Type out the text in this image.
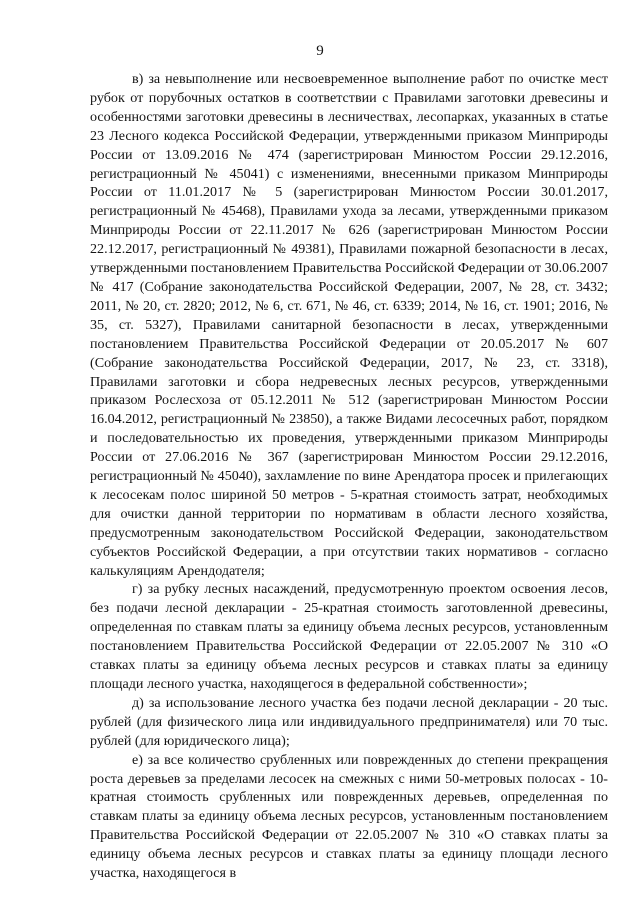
9

в) за невыполнение или несвоевременное выполнение работ по очистке мест рубок от порубочных остатков в соответствии с Правилами заготовки древесины и особенностями заготовки древесины в лесничествах, лесопарках, указанных в статье 23 Лесного кодекса Российской Федерации, утвержденными приказом Минприроды России от 13.09.2016 № 474 (зарегистрирован Минюстом России 29.12.2016, регистрационный № 45041) с изменениями, внесенными приказом Минприроды России от 11.01.2017 № 5 (зарегистрирован Минюстом России 30.01.2017, регистрационный № 45468), Правилами ухода за лесами, утвержденными приказом Минприроды России от 22.11.2017 № 626 (зарегистрирован Минюстом России 22.12.2017, регистрационный № 49381), Правилами пожарной безопасности в лесах, утвержденными постановлением Правительства Российской Федерации от 30.06.2007 № 417 (Собрание законодательства Российской Федерации, 2007, № 28, ст. 3432; 2011, № 20, ст. 2820; 2012, № 6, ст. 671, № 46, ст. 6339; 2014, № 16, ст. 1901; 2016, № 35, ст. 5327), Правилами санитарной безопасности в лесах, утвержденными постановлением Правительства Российской Федерации от 20.05.2017 № 607 (Собрание законодательства Российской Федерации, 2017, № 23, ст. 3318), Правилами заготовки и сбора недревесных лесных ресурсов, утвержденными приказом Рослесхоза от 05.12.2011 № 512 (зарегистрирован Минюстом России 16.04.2012, регистрационный № 23850), а также Видами лесосечных работ, порядком и последовательностью их проведения, утвержденными приказом Минприроды России от 27.06.2016 № 367 (зарегистрирован Минюстом России 29.12.2016, регистрационный № 45040), захламление по вине Арендатора просек и прилегающих к лесосекам полос шириной 50 метров - 5-кратная стоимость затрат, необходимых для очистки данной территории по нормативам в области лесного хозяйства, предусмотренным законодательством Российской Федерации, законодательством субъектов Российской Федерации, а при отсутствии таких нормативов - согласно калькуляциям Арендодателя;

г) за рубку лесных насаждений, предусмотренную проектом освоения лесов, без подачи лесной декларации - 25-кратная стоимость заготовленной древесины, определенная по ставкам платы за единицу объема лесных ресурсов, установленным постановлением Правительства Российской Федерации от 22.05.2007 № 310 «О ставках платы за единицу объема лесных ресурсов и ставках платы за единицу площади лесного участка, находящегося в федеральной собственности»;

д) за использование лесного участка без подачи лесной декларации - 20 тыс. рублей (для физического лица или индивидуального предпринимателя) или 70 тыс. рублей (для юридического лица);

е) за все количество срубленных или поврежденных до степени прекращения роста деревьев за пределами лесосек на смежных с ними 50-метровых полосах - 10-кратная стоимость срубленных или поврежденных деревьев, определенная по ставкам платы за единицу объема лесных ресурсов, установленным постановлением Правительства Российской Федерации от 22.05.2007 № 310 «О ставках платы за единицу объема лесных ресурсов и ставках платы за единицу площади лесного участка, находящегося в
